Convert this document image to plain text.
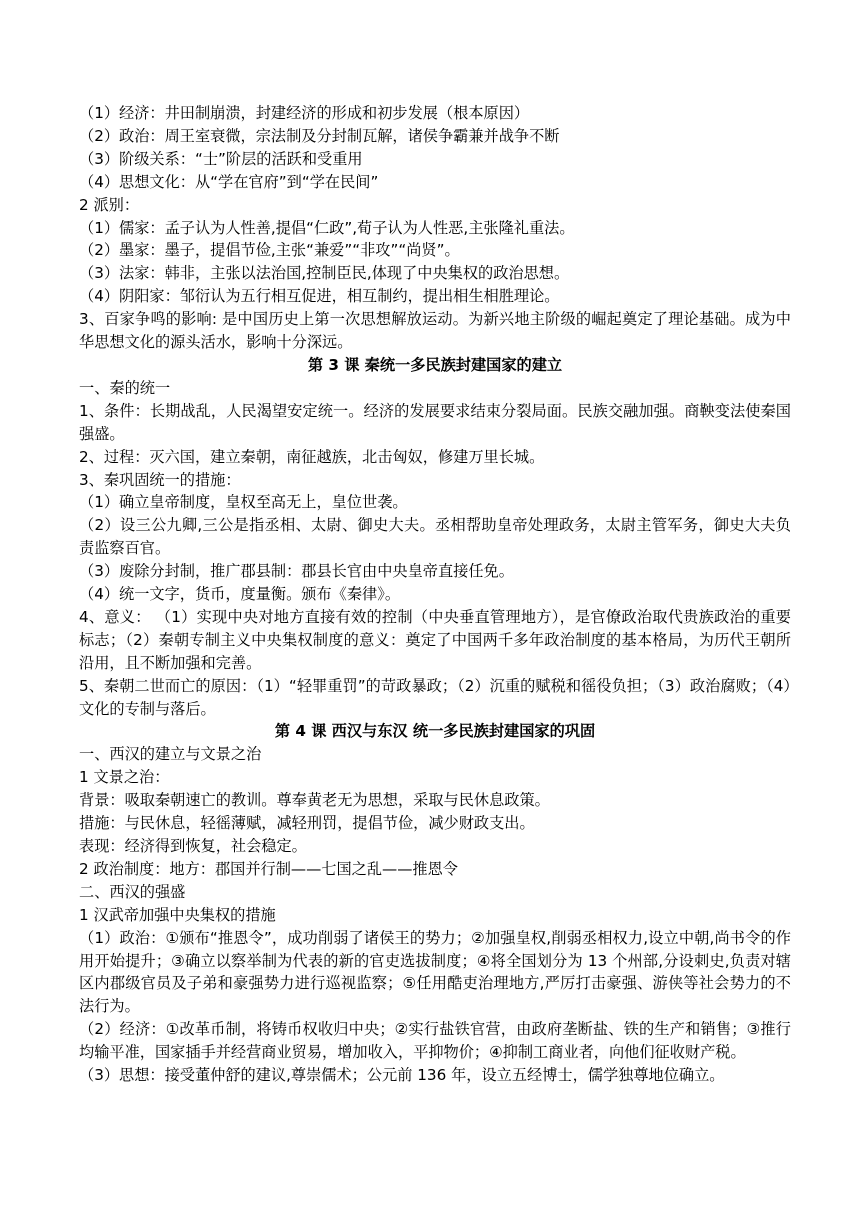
（1）经济：井田制崩溃，封建经济的形成和初步发展（根本原因）
（2）政治：周王室衰微，宗法制及分封制瓦解，诸侯争霸兼并战争不断
（3）阶级关系：“士”阶层的活跃和受重用
（4）思想文化：从“学在官府”到“学在民间”
2 派别：
（1）儒家：孟子认为人性善,提倡“仁政”,荀子认为人性恶,主张隆礼重法。
（2）墨家：墨子，提倡节俭,主张“兼爱”“非攻”“尚贤”。
（3）法家：韩非，主张以法治国,控制臣民,体现了中央集权的政治思想。
（4）阴阳家：邹衍认为五行相互促进，相互制约，提出相生相胜理论。
3、百家争鸣的影响: 是中国历史上第一次思想解放运动。为新兴地主阶级的崛起奠定了理论基础。成为中华思想文化的源头活水，影响十分深远。
第 3 课 秦统一多民族封建国家的建立
一、秦的统一
1、条件：长期战乱，人民渴望安定统一。经济的发展要求结束分裂局面。民族交融加强。商鞅变法使秦国强盛。
2、过程：灭六国，建立秦朝，南征越族，北击匈奴，修建万里长城。
3、秦巩固统一的措施：
（1）确立皇帝制度，皇权至高无上，皇位世袭。
（2）设三公九卿,三公是指丞相、太尉、御史大夫。丞相帮助皇帝处理政务，太尉主管军务，御史大夫负责监察百官。
（3）废除分封制，推广郡县制：郡县长官由中央皇帝直接任免。
（4）统一文字，货币，度量衡。颁布《秦律》。
4、意义： （1）实现中央对地方直接有效的控制（中央垂直管理地方），是官僚政治取代贵族政治的重要标志；（2）秦朝专制主义中央集权制度的意义：奠定了中国两千多年政治制度的基本格局，为历代王朝所沿用，且不断加强和完善。
5、秦朝二世而亡的原因：（1）“轻罪重罚”的苛政暴政；（2）沉重的赋税和徭役负担；（3）政治腐败；（4）文化的专制与落后。
第 4 课 西汉与东汉 统一多民族封建国家的巩固
一、西汉的建立与文景之治
1 文景之治：
背景：吸取秦朝速亡的教训。尊奉黄老无为思想，采取与民休息政策。
措施：与民休息，轻徭薄赋，减轻刑罚，提倡节俭，减少财政支出。
表现：经济得到恢复，社会稳定。
2 政治制度：地方：郡国并行制——七国之乱——推恩令
二、西汉的强盛
1 汉武帝加强中央集权的措施
（1）政治：①颁布“推恩令”，成功削弱了诸侯王的势力；②加强皇权,削弱丞相权力,设立中朝,尚书令的作用开始提升；③确立以察举制为代表的新的官吏选拔制度；④将全国划分为 13 个州部,分设刺史,负责对辖区内郡级官员及子弟和豪强势力进行巡视监察；⑤任用酷吏治理地方,严厉打击豪强、游侠等社会势力的不法行为。
（2）经济：①改革币制，将铸币权收归中央；②实行盐铁官营，由政府垄断盐、铁的生产和销售；③推行均输平准，国家插手并经营商业贸易，增加收入，平抑物价；④抑制工商业者，向他们征收财产税。
（3）思想：接受董仲舒的建议,尊崇儒术；公元前 136 年，设立五经博士，儒学独尊地位确立。
